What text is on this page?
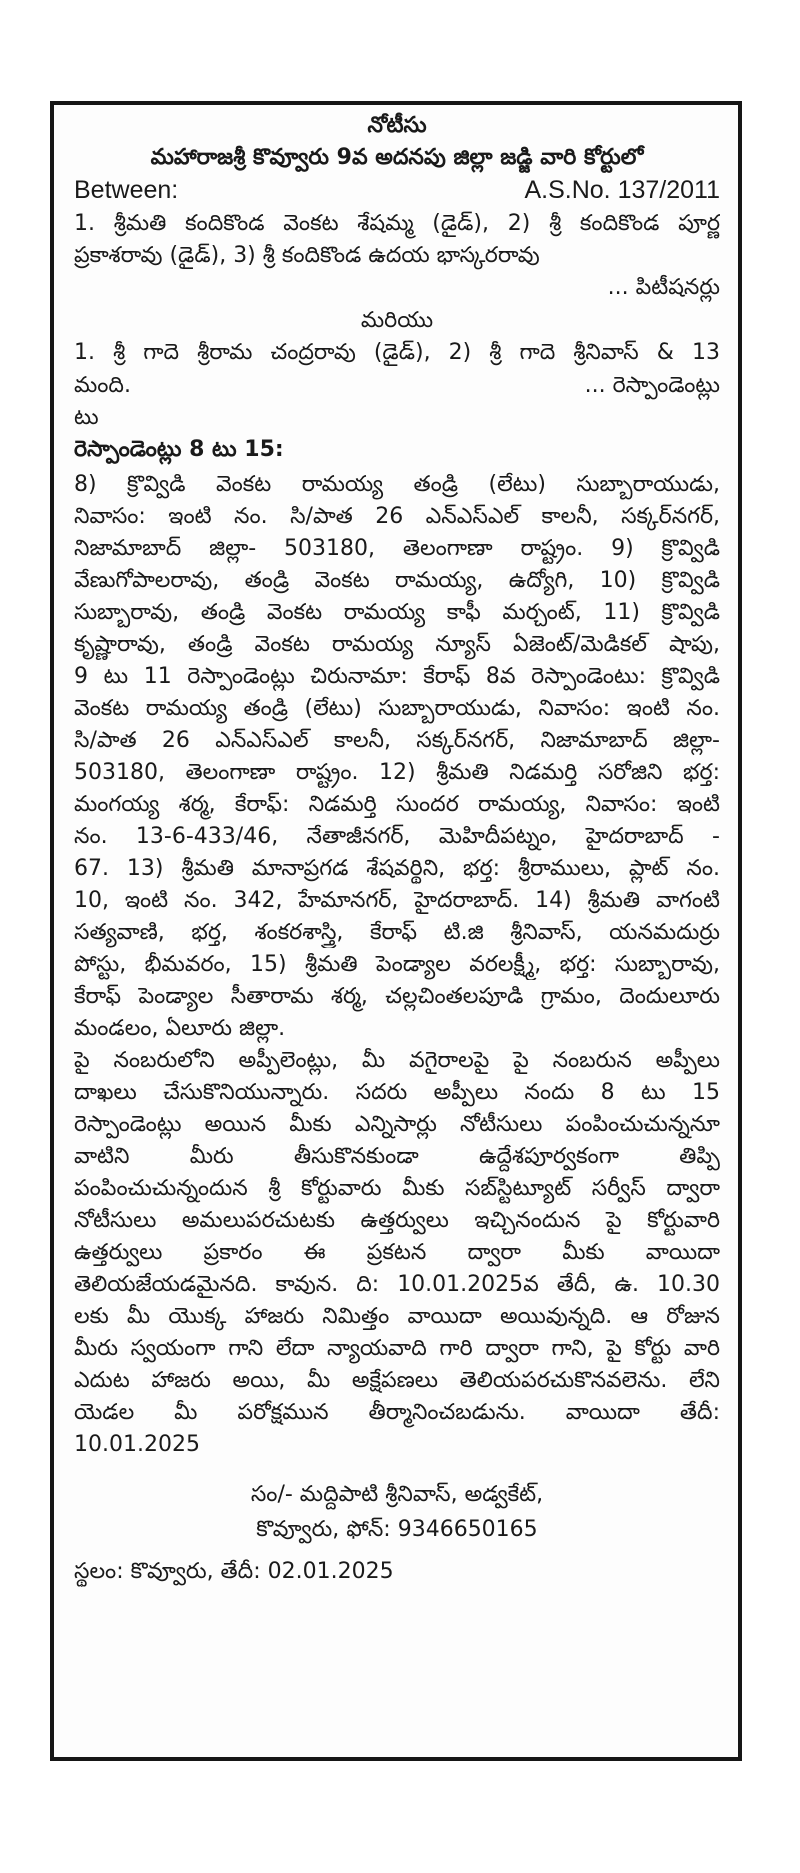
నోటీసు
మహారాజశ్రీ కొవ్వూరు 9వ అదనపు జిల్లా జడ్జి వారి కోర్టులో
Between:	A.S.No. 137/2011
1. శ్రీమతి కందికొండ వెంకట శేషమ్మ (డైడ్), 2) శ్రీ కందికొండ పూర్ణ
ప్రకాశరావు (డైడ్), 3) శ్రీ కందికొండ ఉదయ భాస్కరరావు
... పిటీషనర్లు
మరియు
1. శ్రీ గాదె శ్రీరామ చంద్రరావు (డైడ్), 2) శ్రీ గాదె శ్రీనివాస్ & 13
మంది.	... రెస్పాండెంట్లు
టు
రెస్పాండెంట్లు 8 టు 15:
8) క్రొవ్విడి వెంకట రామయ్య తండ్రి (లేటు) సుబ్బారాయుడు,
నివాసం: ఇంటి నం. సి/పాత 26 ఎన్ఎస్ఎల్ కాలనీ, సక్కర్‌నగర్,
నిజామాబాద్ జిల్లా- 503180, తెలంగాణా రాష్ట్రం. 9) క్రొవ్విడి
వేణుగోపాలరావు, తండ్రి వెంకట రామయ్య, ఉద్యోగి, 10) క్రొవ్విడి
సుబ్బారావు, తండ్రి వెంకట రామయ్య కాఫీ మర్చంట్, 11) క్రొవ్విడి
కృష్ణారావు, తండ్రి వెంకట రామయ్య న్యూస్ ఏజెంట్/మెడికల్ షాపు,
9 టు 11 రెస్పాండెంట్లు చిరునామా: కేరాఫ్ 8వ రెస్పాండెంటు: క్రొవ్విడి
వెంకట రామయ్య తండ్రి (లేటు) సుబ్బారాయుడు, నివాసం: ఇంటి నం.
సి/పాత 26 ఎన్ఎస్ఎల్ కాలనీ, సక్కర్‌నగర్, నిజామాబాద్ జిల్లా-
503180, తెలంగాణా రాష్ట్రం. 12) శ్రీమతి నిడమర్తి సరోజిని భర్త:
మంగయ్య శర్మ, కేరాఫ్: నిడమర్తి సుందర రామయ్య, నివాసం: ఇంటి
నం. 13-6-433/46, నేతాజీనగర్, మెహిదీపట్నం, హైదరాబాద్ -
67. 13) శ్రీమతి మానాప్రగడ శేషవర్థిని, భర్త: శ్రీరాములు, ప్లాట్ నం.
10, ఇంటి నం. 342, హేమానగర్, హైదరాబాద్. 14) శ్రీమతి వాగంటి
సత్యవాణి, భర్త, శంకరశాస్త్రి, కేరాఫ్ టి.జి శ్రీనివాస్, యనమదుర్రు
పోస్టు, భీమవరం, 15) శ్రీమతి పెండ్యాల వరలక్ష్మీ, భర్త: సుబ్బారావు,
కేరాఫ్ పెండ్యాల సీతారామ శర్మ, చల్లచింతలపూడి గ్రామం, దెందులూరు
మండలం, ఏలూరు జిల్లా.
పై నంబరులోని అప్పీలెంట్లు, మీ వగైరాలపై పై నంబరున అప్పీలు
దాఖలు చేసుకొనియున్నారు. సదరు అప్పీలు నందు 8 టు 15
రెస్పాండెంట్లు అయిన మీకు ఎన్నిసార్లు నోటీసులు పంపించుచున్ననూ
వాటిని మీరు తీసుకొనకుండా ఉద్దేశపూర్వకంగా తిప్పి
పంపించుచున్నందున శ్రీ కోర్టువారు మీకు సబ్‌స్టిట్యూట్ సర్వీస్ ద్వారా
నోటీసులు అమలుపరచుటకు ఉత్తర్వులు ఇచ్చినందున పై కోర్టువారి
ఉత్తర్వులు ప్రకారం ఈ ప్రకటన ద్వారా మీకు వాయిదా
తెలియజేయడమైనది. కావున. ది: 10.01.2025వ తేదీ, ఉ. 10.30
లకు మీ యొక్క హాజరు నిమిత్తం వాయిదా అయివున్నది. ఆ రోజున
మీరు స్వయంగా గాని లేదా న్యాయవాది గారి ద్వారా గాని, పై కోర్టు వారి
ఎదుట హాజరు అయి, మీ అక్షేపణలు తెలియపరచుకొనవలెను. లేని
యెడల మీ పరోక్షమున తీర్మానించబడును. వాయిదా తేదీ:
10.01.2025
సం/- మద్దిపాటి శ్రీనివాస్, అడ్వకేట్,
కొవ్వూరు, ఫోన్: 9346650165
స్థలం: కొవ్వూరు, తేదీ: 02.01.2025
